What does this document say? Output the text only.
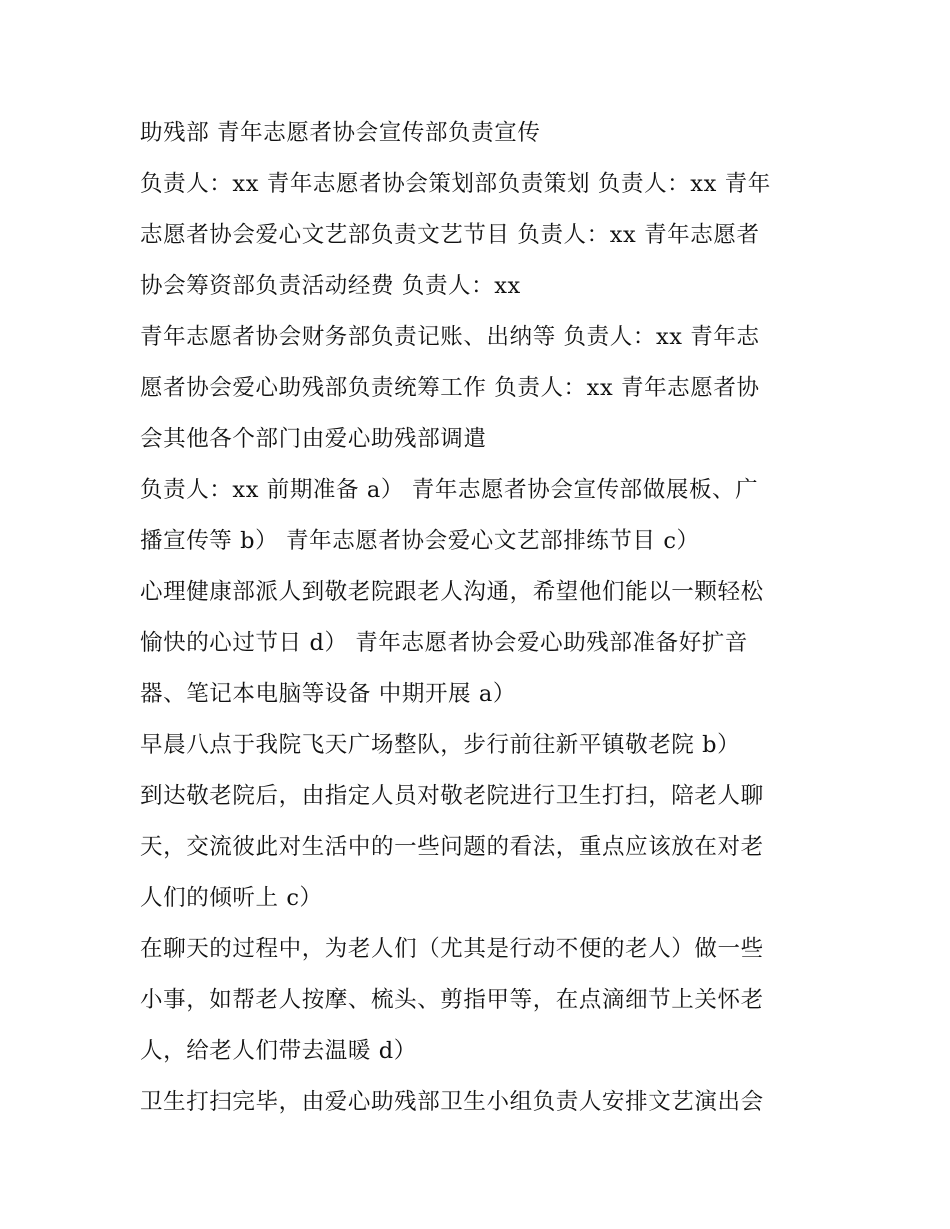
助残部 青年志愿者协会宣传部负责宣传
负责人：xx 青年志愿者协会策划部负责策划 负责人：xx 青年
志愿者协会爱心文艺部负责文艺节目 负责人：xx 青年志愿者
协会筹资部负责活动经费 负责人：xx
青年志愿者协会财务部负责记账、出纳等 负责人：xx 青年志
愿者协会爱心助残部负责统筹工作 负责人：xx 青年志愿者协
会其他各个部门由爱心助残部调遣
负责人：xx 前期准备 a） 青年志愿者协会宣传部做展板、广
播宣传等 b） 青年志愿者协会爱心文艺部排练节目 c）
心理健康部派人到敬老院跟老人沟通，希望他们能以一颗轻松
愉快的心过节日 d） 青年志愿者协会爱心助残部准备好扩音
器、笔记本电脑等设备 中期开展 a）
早晨八点于我院飞天广场整队，步行前往新平镇敬老院 b）
到达敬老院后，由指定人员对敬老院进行卫生打扫，陪老人聊
天，交流彼此对生活中的一些问题的看法，重点应该放在对老
人们的倾听上 c）
在聊天的过程中，为老人们（尤其是行动不便的老人）做一些
小事，如帮老人按摩、梳头、剪指甲等，在点滴细节上关怀老
人，给老人们带去温暖 d）
卫生打扫完毕，由爱心助残部卫生小组负责人安排文艺演出会
